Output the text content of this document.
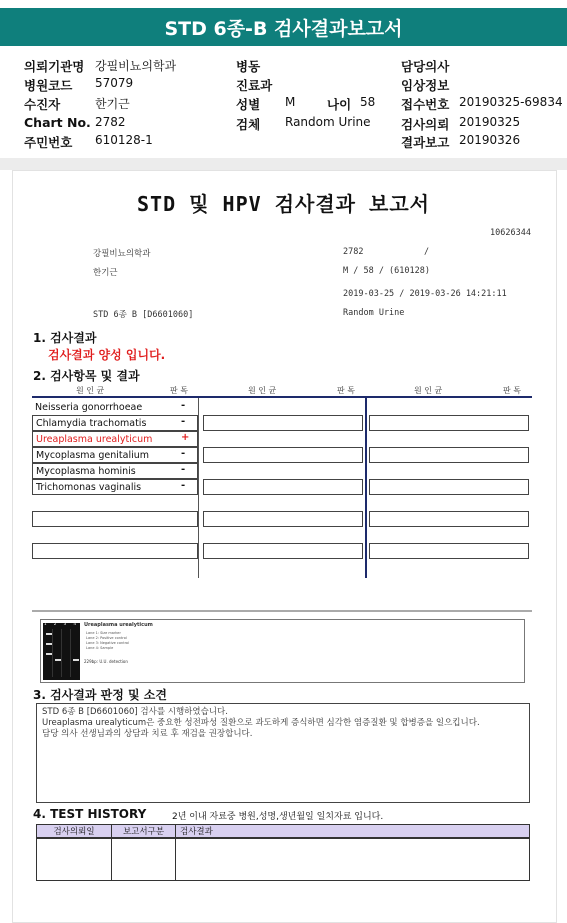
STD 6종-B 검사결과보고서
의뢰기관명 강필비뇨의학과
병원코드 57079
수진자	한기근
Chart No. 2782
주민번호 610128-1
병동
진료과
성별 M	나이 58
검체 Random Urine
담당의사
임상정보
접수번호 20190325-69834
검사의뢰 20190325
결과보고 20190326
STD 및 HPV 검사결과 보고서
10626344
강필비뇨의학과	2782	/
한기근	M / 58 / (610128)
2019-03-25 / 2019-03-26 14:21:11
STD 6종 B [D6601060]	Random Urine
1. 검사결과
검사결과 양성 입니다.
2. 검사항목 및 결과
원 인 균	판 독	원 인 균	판 독	원 인 균	판 독
Neisseria gonorrhoeae	-
Chlamydia trachomatis	-
Ureaplasma urealyticum	+
Mycoplasma genitalium	-
Mycoplasma hominis	-
Trichomonas vaginalis	-
1 2 3 4 Ureaplasma urealyticum
Lane 1: Size marker
Lane 2: Positive control
Lane 3: Negative control
Lane 4: Sample
229bp: U.U. detection
3. 검사결과 판정 및 소견
STD 6종 B [D6601060] 검사를 시행하였습니다.
Ureaplasma urealyticum은 중요한 성전파성 질환으로 과도하게 증식하면 심각한 염증질환 및 합병증을 일으킵니다.
담당 의사 선생님과의 상담과 치료 후 재검을 권장합니다.
4. TEST HISTORY	2년 이내 자료중 병원,성명,생년월일 일치자료 입니다.
검사의뢰일	보고서구분	검사결과
